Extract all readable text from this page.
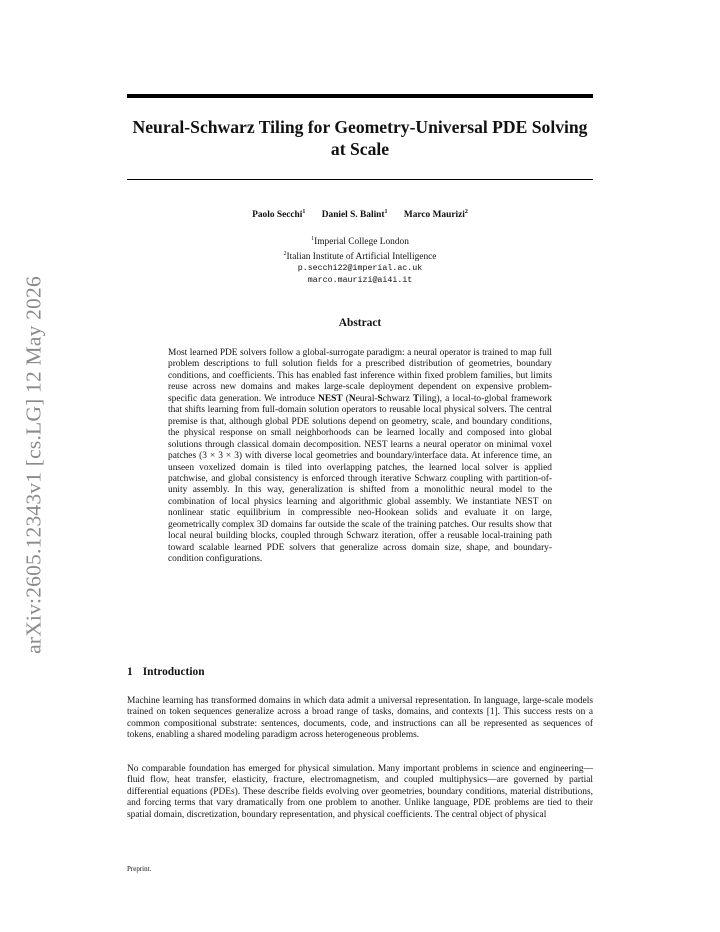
arXiv:2605.12343v1 [cs.LG] 12 May 2026
Neural-Schwarz Tiling for Geometry-Universal PDE Solving at Scale
Paolo Secchi$^1$ Daniel S. Balint$^1$ Marco Maurizi$^2$
$^1$Imperial College London
$^2$Italian Institute of Artificial Intelligence
p.secchi22@imperial.ac.uk
marco.maurizi@ai4i.it
Abstract

Most learned PDE solvers follow a global-surrogate paradigm: a neural operator is trained to map full problem descriptions to full solution fields for a prescribed distribution of geometries, boundary conditions, and coefficients. This has enabled fast inference within fixed problem families, but limits reuse across new domains and makes large-scale deployment dependent on expensive problem-specific data generation. We introduce NEST (Neural-Schwarz Tiling), a local-to-global framework that shifts learning from full-domain solution operators to reusable local physical solvers. The central premise is that, although global PDE solutions depend on geometry, scale, and boundary conditions, the physical response on small neighborhoods can be learned locally and composed into global solutions through classical domain decomposition. NEST learns a neural operator on minimal voxel patches (3 × 3 × 3) with diverse local geometries and boundary/interface data. At inference time, an unseen voxelized domain is tiled into overlapping patches, the learned local solver is applied patchwise, and global consistency is enforced through iterative Schwarz coupling with partition-of-unity assembly. In this way, generalization is shifted from a monolithic neural model to the combination of local physics learning and algorithmic global assembly. We instantiate NEST on nonlinear static equilibrium in compressible neo-Hookean solids and evaluate it on large, geometrically complex 3D domains far outside the scale of the training patches. Our results show that local neural building blocks, coupled through Schwarz iteration, offer a reusable local-training path toward scalable learned PDE solvers that generalize across domain size, shape, and boundary-condition configurations.

1 Introduction

Machine learning has transformed domains in which data admit a universal representation. In language, large-scale models trained on token sequences generalize across a broad range of tasks, domains, and contexts [1]. This success rests on a common compositional substrate: sentences, documents, code, and instructions can all be represented as sequences of tokens, enabling a shared modeling paradigm across heterogeneous problems.

No comparable foundation has emerged for physical simulation. Many important problems in science and engineering—fluid flow, heat transfer, elasticity, fracture, electromagnetism, and coupled multiphysics—are governed by partial differential equations (PDEs). These describe fields evolving over geometries, boundary conditions, material distributions, and forcing terms that vary dramatically from one problem to another. Unlike language, PDE problems are tied to their spatial domain, discretization, boundary representation, and physical coefficients. The central object of physical

Preprint.
